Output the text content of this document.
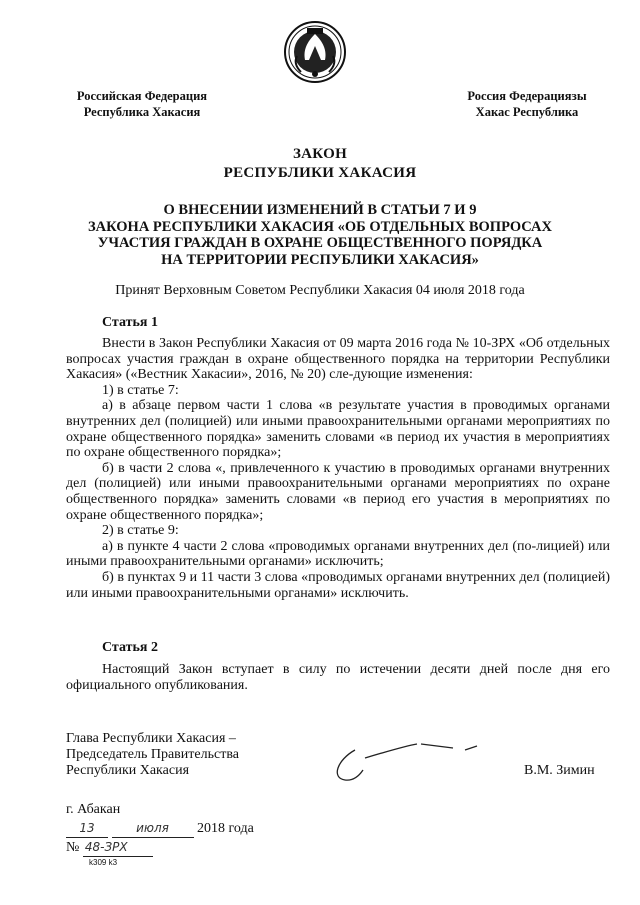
Российская Федерация
Республика Хакасия
Россия Федерацияɜы
Хакас Республика
ЗАКОН
РЕСПУБЛИКИ ХАКАСИЯ
О ВНЕСЕНИИ ИЗМЕНЕНИЙ В СТАТЬИ 7 И 9
ЗАКОНА РЕСПУБЛИКИ ХАКАСИЯ «ОБ ОТДЕЛЬНЫХ ВОПРОСАХ
УЧАСТИЯ ГРАЖДАН В ОХРАНЕ ОБЩЕСТВЕННОГО ПОРЯДКА
НА ТЕРРИТОРИИ РЕСПУБЛИКИ ХАКАСИЯ»
Принят Верховным Советом Республики Хакасия 04 июля 2018 года
Статья 1

Внести в Закон Республики Хакасия от 09 марта 2016 года № 10-ЗРХ «Об отдельных вопросах участия граждан в охране общественного порядка на территории Республики Хакасия» («Вестник Хакасии», 2016, № 20) сле-дующие изменения:

1) в статье 7:

а) в абзаце первом части 1 слова «в результате участия в проводимых органами внутренних дел (полицией) или иными правоохранительными органами мероприятиях по охране общественного порядка» заменить словами «в период их участия в мероприятиях по охране общественного порядка»;

б) в части 2 слова «, привлеченного к участию в проводимых органами внутренних дел (полицией) или иными правоохранительными органами мероприятиях по охране общественного порядка» заменить словами «в период его участия в мероприятиях по охране общественного порядка»;

2) в статье 9:

а) в пункте 4 части 2 слова «проводимых органами внутренних дел (по-лицией) или иными правоохранительными органами» исключить;

б) в пунктах 9 и 11 части 3 слова «проводимых органами внутренних дел (полицией) или иными правоохранительными органами» исключить.

Статья 2

Настоящий Закон вступает в силу по истечении десяти дней после дня его официального опубликования.

Глава Республики Хакасия –
Председатель Правительства
Республики Хакасия	В.М. Зимин
г. Абакан
13	июля 2018 года
№ 48-ЗРХ
k309 k3
